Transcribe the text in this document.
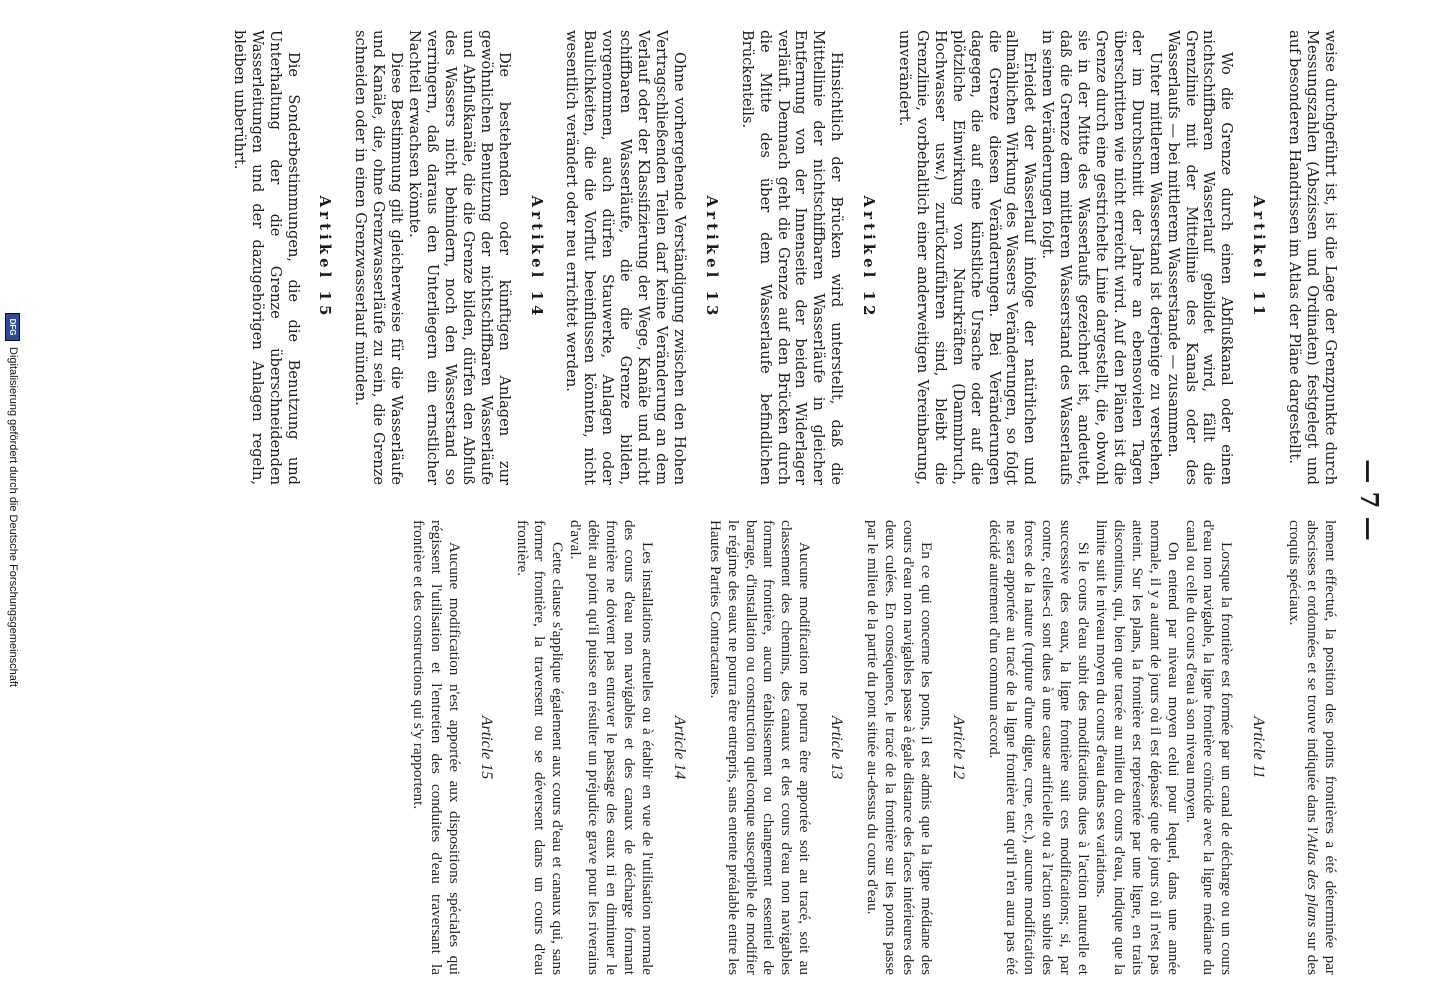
— 7 —

weise durchgeführt ist, ist die Lage der Grenzpunkte durch Messungszahlen (Abszissen und Ordinaten) festgelegt und auf besonderen Handrissen im Atlas der Pläne dargestellt.

Artikel 11

Wo die Grenze durch einen Abflußkanal oder einen nichtschiffbaren Wasserlauf gebildet wird, fällt die Grenzlinie mit der Mittellinie des Kanals oder des Wasserlaufs — bei mittlerem Wasserstande — zusammen.

Unter mittlerem Wasserstand ist derjenige zu verstehen, der im Durchschnitt der Jahre an ebensovielen Tagen überschritten wie nicht erreicht wird. Auf den Plänen ist die Grenze durch eine gestrichelte Linie dargestellt, die, obwohl sie in der Mitte des Wasserlaufs gezeichnet ist, andeutet, daß die Grenze dem mittleren Wasserstand des Wasserlaufs in seinen Veränderungen folgt.

Erleidet der Wasserlauf infolge der natürlichen und allmählichen Wirkung des Wassers Veränderungen, so folgt die Grenze diesen Veränderungen. Bei Veränderungen dagegen, die auf eine künstliche Ursache oder auf die plötzliche Einwirkung von Naturkräften (Dammbruch, Hochwasser usw.) zurückzuführen sind, bleibt die Grenzlinie, vorbehaltlich einer anderweitigen Vereinbarung, unverändert.

Artikel 12

Hinsichtlich der Brücken wird unterstellt, daß die Mittellinie der nichtschiffbaren Wasserläufe in gleicher Entfernung von der Innenseite der beiden Widerlager verläuft. Demnach geht die Grenze auf den Brücken durch die Mitte des über dem Wasserlaufe befindlichen Brückenteils.

Artikel 13

Ohne vorhergehende Verständigung zwischen den Hohen Vertragschließenden Teilen darf keine Veränderung an dem Verlauf oder der Klassifizierung der Wege, Kanäle und nicht schiffbaren Wasserläufe, die die Grenze bilden, vorgenommen, auch dürfen Stauwerke, Anlagen oder Baulichkeiten, die die Vorflut beeinflussen könnten, nicht wesentlich verändert oder neu errichtet werden.

Artikel 14

Die bestehenden oder künftigen Anlagen zur gewöhnlichen Benutzung der nichtschiffbaren Wasserläufe und Abflußkanäle, die die Grenze bilden, dürfen den Abfluß des Wassers nicht behindern, noch den Wasserstand so verringern, daß daraus den Unterliegern ein ernstlicher Nachteil erwachsen könnte.

Diese Bestimmung gilt gleicherweise für die Wasserläufe und Kanäle, die, ohne Grenzwasserläufe zu sein, die Grenze schneiden oder in einen Grenzwasserlauf münden.

Artikel 15

Die Sonderbestimmungen, die die Benutzung und Unterhaltung der die Grenze überschneidenden Wasserleitungen und der dazugehörigen Anlagen regeln, bleiben unberührt.

lement effectué, la position des points frontières a été déterminée par abscisses et ordonnées et se trouve indiquée dans l'Atlas des plans sur des croquis spéciaux.

Article 11

Lorsque la frontière est formée par un canal de décharge ou un cours d'eau non navigable, la ligne frontière coïncide avec la ligne médiane du canal ou celle du cours d'eau à son niveau moyen.

On entend par niveau moyen celui pour lequel, dans une année normale, il y a autant de jours où il est dépassé que de jours où il n'est pas atteint. Sur les plans, la frontière est représentée par une ligne, en traits discontinus, qui, bien que tracée au milieu du cours d'eau, indique que la limite suit le niveau moyen du cours d'eau dans ses variations.

Si le cours d'eau subit des modifications dues à l'action naturelle et successive des eaux, la ligne frontière suit ces modifications; si, par contre, celles-ci sont dues à une cause artificielle ou à l'action subite des forces de la nature (rupture d'une digue, crue, etc.), aucune modification ne sera apportée au tracé de la ligne frontière tant qu'il n'en aura pas été décidé autrement d'un commun accord.

Article 12

En ce qui concerne les ponts, il est admis que la ligne médiane des cours d'eau non navigables passe à égale distance des faces intérieures des deux culées. En conséquence, le tracé de la frontière sur les ponts passe par le milieu de la partie du pont située au-dessus du cours d'eau.

Article 13

Aucune modification ne pourra être apportée soit au tracé, soit au classement des chemins, des canaux et des cours d'eau non navigables formant frontière, aucun établissement ou changement essentiel de barrage, d'installation ou construction quelconque susceptible de modifier le régime des eaux ne pourra être entrepris, sans entente préalable entre les Hautes Parties Contractantes.

Article 14

Les installations actuelles ou à établir en vue de l'utilisation normale des cours d'eau non navigables et des canaux de décharge formant frontière ne doivent pas entraver le passage des eaux ni en diminuer le débit au point qu'il puisse en résulter un préjudice grave pour les riverains d'aval.

Cette clause s'applique également aux cours d'eau et canaux qui, sans former frontière, la traversent ou se déversent dans un cours d'eau frontière.

Article 15

Aucune modification n'est apportée aux dispositions spéciales qui régissent l'utilisation et l'entretien des conduites d'eau traversant la frontière et des constructions qui s'y rapportent.

DFG
Digitalisierung gefördert durch die Deutsche Forschungsgemeinschaft
